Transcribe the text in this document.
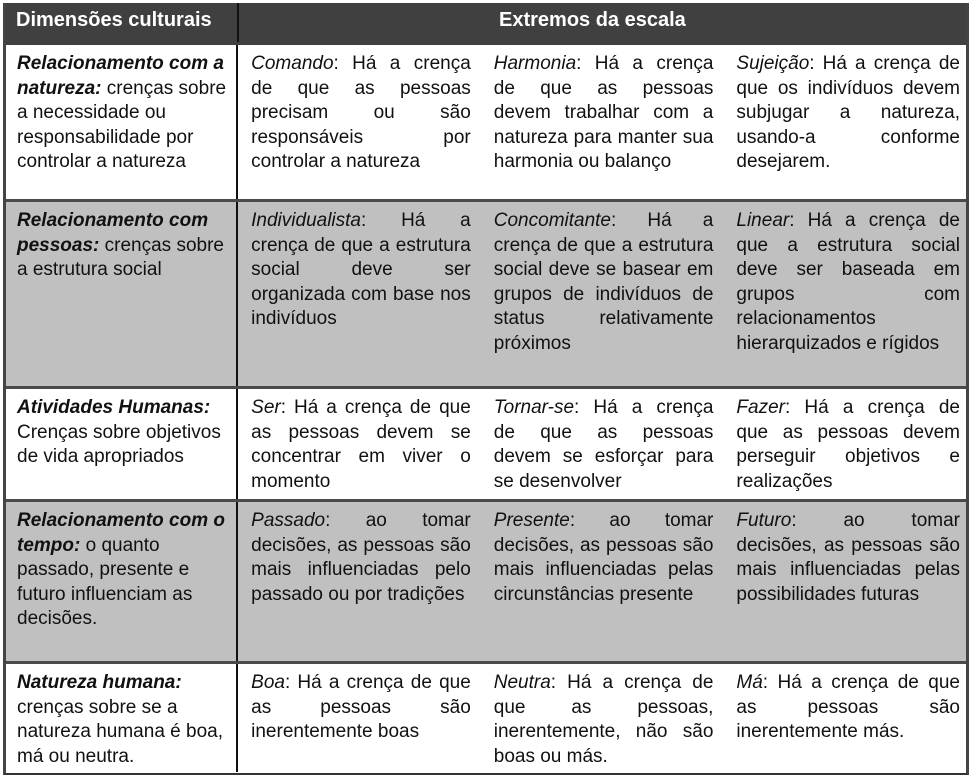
Dimensões culturais	Extremos da escala
Relacionamento com a natureza: crenças sobre a necessidade ou responsabilidade por controlar a natureza
Comando: Há a crença de que as pessoas precisam ou são responsáveis por controlar a natureza
Harmonia: Há a crença de que as pessoas devem trabalhar com a natureza para manter sua harmonia ou balanço
Sujeição: Há a crença de que os indivíduos devem subjugar a natureza, usando-a conforme desejarem.
Relacionamento com pessoas: crenças sobre a estrutura social
Individualista: Há a crença de que a estrutura social deve ser organizada com base nos indivíduos
Concomitante: Há a crença de que a estrutura social deve se basear em grupos de indivíduos de status relativamente próximos
Linear: Há a crença de que a estrutura social deve ser baseada em grupos com relacionamentos hierarquizados e rígidos
Atividades Humanas: Crenças sobre objetivos de vida apropriados
Ser: Há a crença de que as pessoas devem se concentrar em viver o momento
Tornar-se: Há a crença de que as pessoas devem se esforçar para se desenvolver
Fazer: Há a crença de que as pessoas devem perseguir objetivos e realizações
Relacionamento com o tempo: o quanto passado, presente e futuro influenciam as decisões.
Passado: ao tomar decisões, as pessoas são mais influenciadas pelo passado ou por tradições
Presente: ao tomar decisões, as pessoas são mais influenciadas pelas circunstâncias presente
Futuro: ao tomar decisões, as pessoas são mais influenciadas pelas possibilidades futuras
Natureza humana: crenças sobre se a natureza humana é boa, má ou neutra.
Boa: Há a crença de que as pessoas são inerentemente boas
Neutra: Há a crença de que as pessoas, inerentemente, não são boas ou más.
Má: Há a crença de que as pessoas são inerentemente más.
